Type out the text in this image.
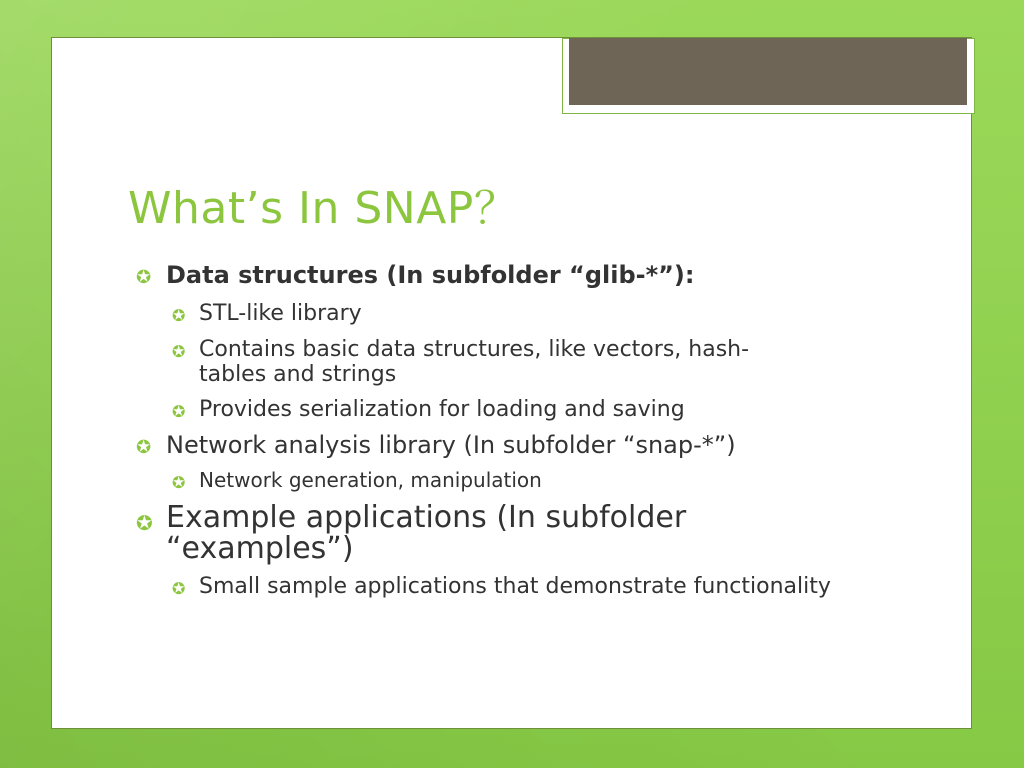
What’s In SNAP？
✪ Data structures (In subfolder “glib-*”):
✪ STL-like library
✪ Contains basic data structures, like vectors, hash-tables and strings
✪ Provides serialization for loading and saving
✪ Network analysis library (In subfolder “snap-*”)
✪ Network generation, manipulation
✪ Example applications (In subfolder “examples”)
✪ Small sample applications that demonstrate functionality
